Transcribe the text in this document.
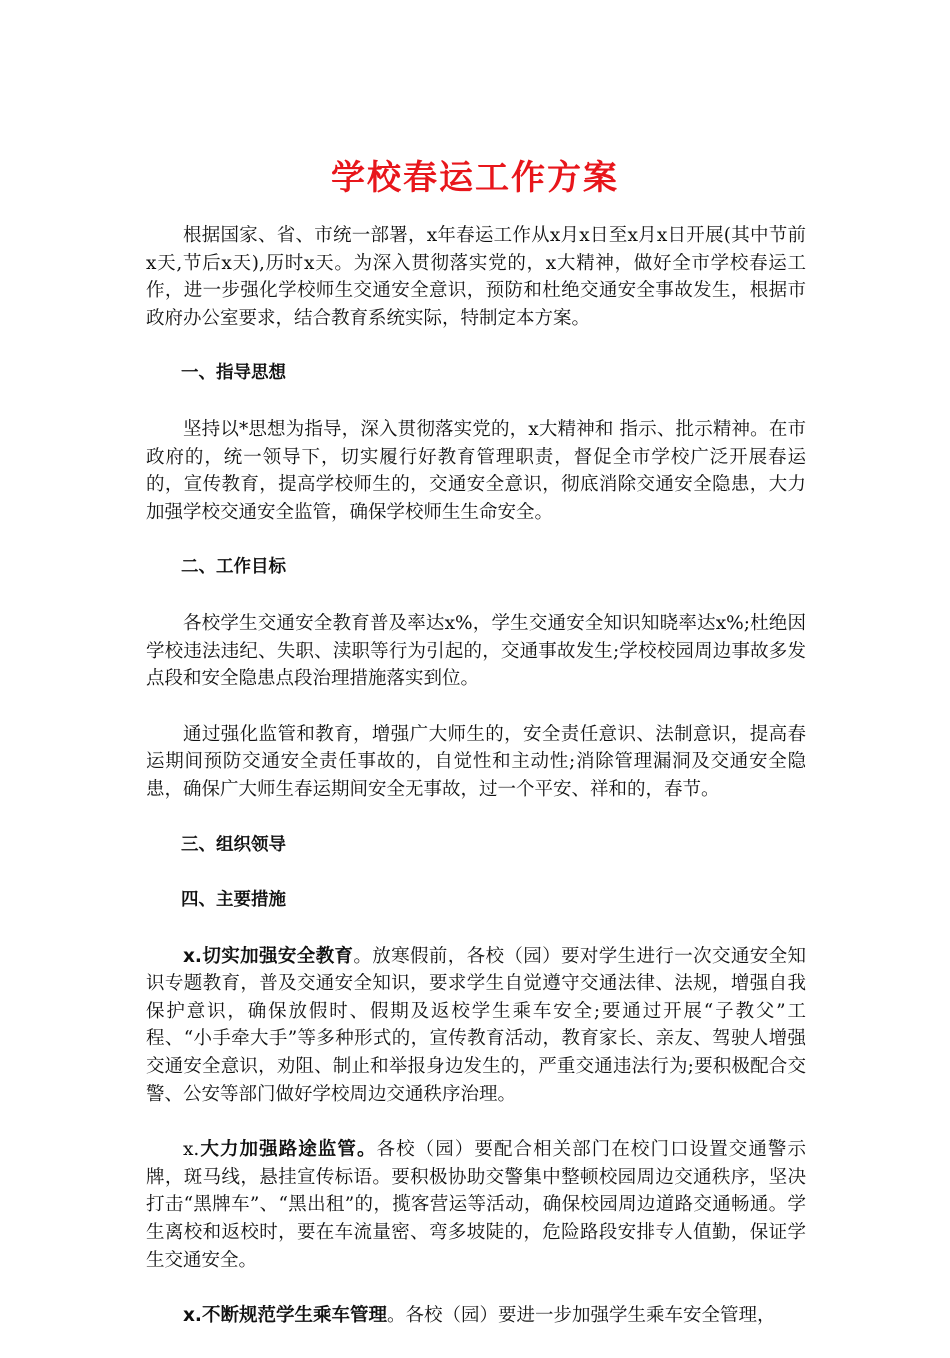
学校春运工作方案

根据国家、省、市统一部署，x年春运工作从x月x日至x月x日开展(其中节前x天,节后x天),历时x天。为深入贯彻落实党的，x大精神，做好全市学校春运工作，进一步强化学校师生交通安全意识，预防和杜绝交通安全事故发生，根据市政府办公室要求，结合教育系统实际，特制定本方案。

一、指导思想

坚持以*思想为指导，深入贯彻落实党的，x大精神和 指示、批示精神。在市政府的，统一领导下，切实履行好教育管理职责，督促全市学校广泛开展春运的，宣传教育，提高学校师生的，交通安全意识，彻底消除交通安全隐患，大力加强学校交通安全监管，确保学校师生生命安全。

二、工作目标

各校学生交通安全教育普及率达x%，学生交通安全知识知晓率达x%;杜绝因学校违法违纪、失职、渎职等行为引起的，交通事故发生;学校校园周边事故多发点段和安全隐患点段治理措施落实到位。

通过强化监管和教育，增强广大师生的，安全责任意识、法制意识，提高春运期间预防交通安全责任事故的，自觉性和主动性;消除管理漏洞及交通安全隐患，确保广大师生春运期间安全无事故，过一个平安、祥和的，春节。

三、组织领导
四、主要措施

x.切实加强安全教育。放寒假前，各校（园）要对学生进行一次交通安全知识专题教育，普及交通安全知识，要求学生自觉遵守交通法律、法规，增强自我保护意识，确保放假时、假期及返校学生乘车安全;要通过开展“子教父”工程、“小手牵大手”等多种形式的，宣传教育活动，教育家长、亲友、驾驶人增强交通安全意识，劝阻、制止和举报身边发生的，严重交通违法行为;要积极配合交警、公安等部门做好学校周边交通秩序治理。

x.大力加强路途监管。各校（园）要配合相关部门在校门口设置交通警示牌，斑马线，悬挂宣传标语。要积极协助交警集中整顿校园周边交通秩序，坚决打击“黑牌车”、“黑出租”的，揽客营运等活动，确保校园周边道路交通畅通。学生离校和返校时，要在车流量密、弯多坡陡的，危险路段安排专人值勤，保证学生交通安全。

x.不断规范学生乘车管理。各校（园）要进一步加强学生乘车安全管理，
